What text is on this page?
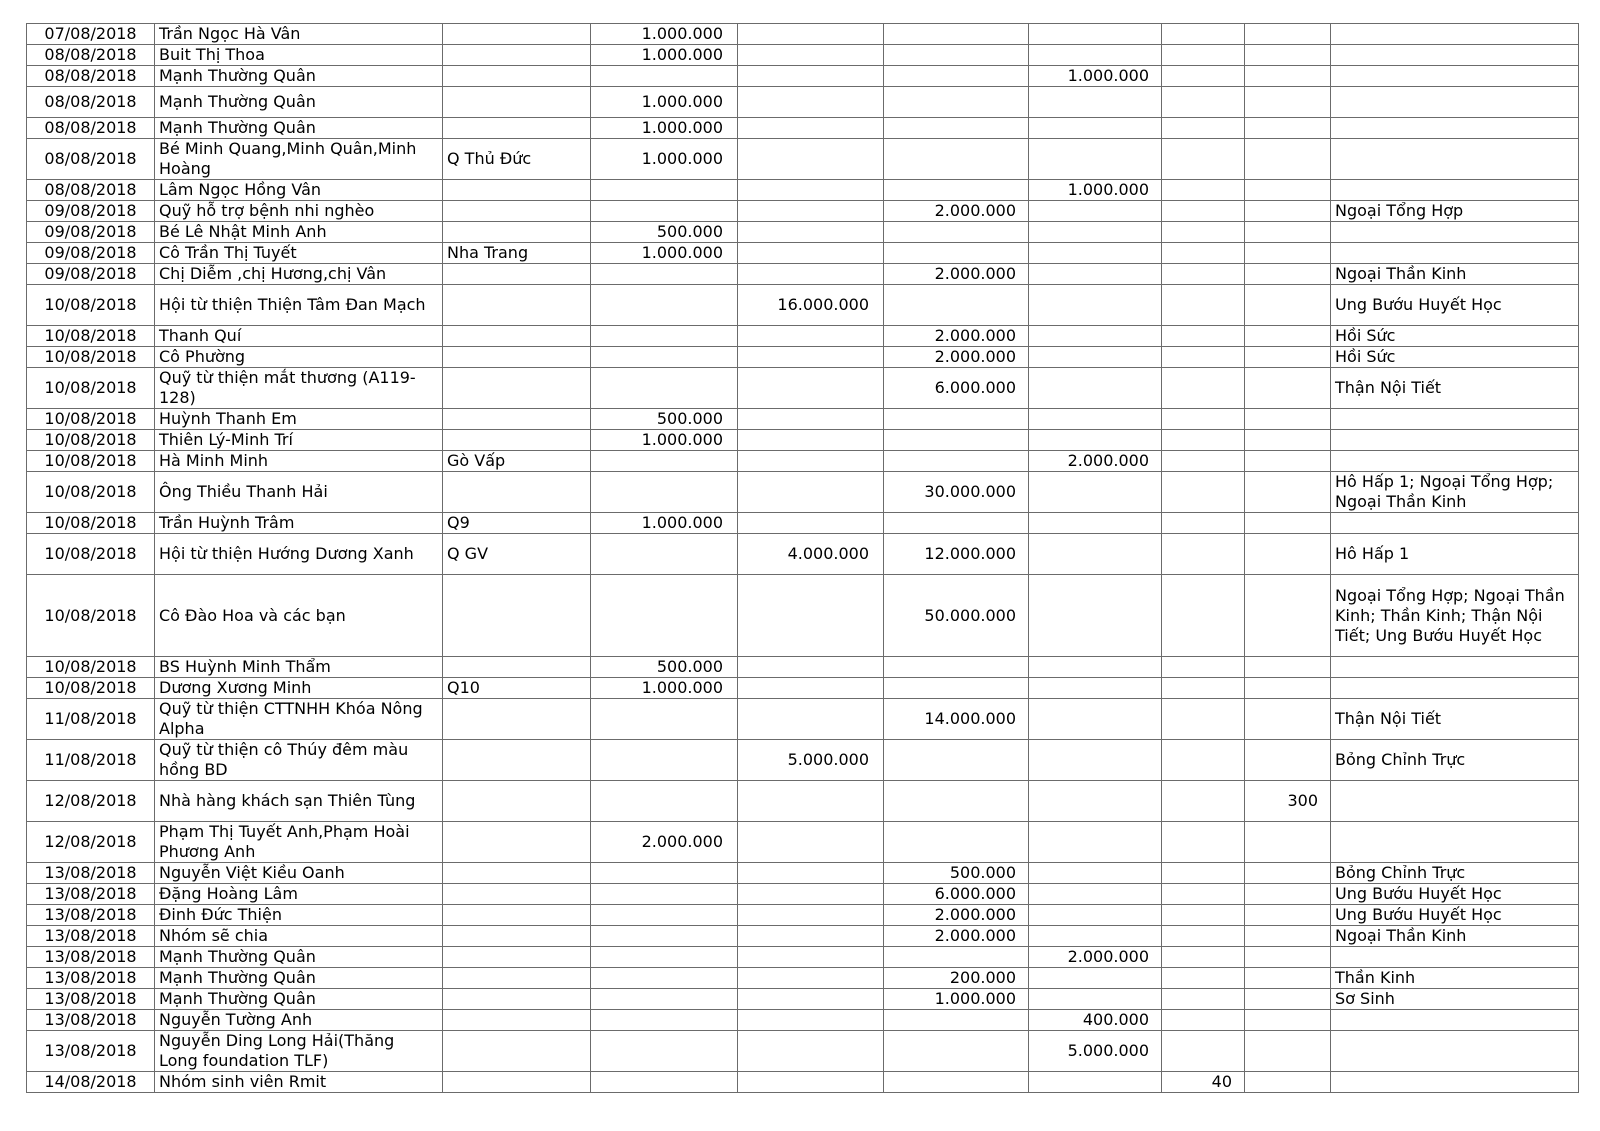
07/08/2018	Trần Ngọc Hà Vân		1.000.000						
08/08/2018	Buit Thị Thoa		1.000.000						
08/08/2018	Mạnh Thường Quân					1.000.000			
08/08/2018	Mạnh Thường Quân		1.000.000						
08/08/2018	Mạnh Thường Quân		1.000.000						
08/08/2018	Bé Minh Quang,Minh Quân,Minh Hoàng	Q Thủ Đức	1.000.000						
08/08/2018	Lâm Ngọc Hồng Vân					1.000.000			
09/08/2018	Quỹ hỗ trợ bệnh nhi nghèo				2.000.000				Ngoại Tổng Hợp
09/08/2018	Bé Lê Nhật Minh Anh		500.000						
09/08/2018	Cô Trần Thị Tuyết	Nha Trang	1.000.000						
09/08/2018	Chị Diễm ,chị Hương,chị Vân				2.000.000				Ngoại Thần Kinh
10/08/2018	Hội từ thiện Thiện Tâm Đan Mạch			16.000.000					Ung Bướu Huyết Học
10/08/2018	Thanh Quí				2.000.000				Hồi Sức
10/08/2018	Cô Phường				2.000.000				Hồi Sức
10/08/2018	Quỹ từ thiện mắt thương (A119-128)				6.000.000				Thận Nội Tiết
10/08/2018	Huỳnh Thanh Em		500.000						
10/08/2018	Thiên Lý-Minh Trí		1.000.000						
10/08/2018	Hà Minh Minh	Gò Vấp				2.000.000			
10/08/2018	Ông Thiều Thanh Hải				30.000.000				Hô Hấp 1; Ngoại Tổng Hợp; Ngoại Thần Kinh
10/08/2018	Trần Huỳnh Trâm	Q9	1.000.000						
10/08/2018	Hội từ thiện Hướng Dương Xanh	Q GV		4.000.000	12.000.000				Hô Hấp 1
10/08/2018	Cô Đào Hoa và các bạn				50.000.000				Ngoại Tổng Hợp; Ngoại Thần Kinh; Thần Kinh; Thận Nội Tiết; Ung Bướu Huyết Học
10/08/2018	BS Huỳnh Minh Thẩm		500.000						
10/08/2018	Dương Xương Minh	Q10	1.000.000						
11/08/2018	Quỹ từ thiện CTTNHH Khóa Nông Alpha				14.000.000				Thận Nội Tiết
11/08/2018	Quỹ từ thiện cô Thúy đêm màu hồng BD			5.000.000					Bỏng Chỉnh Trực
12/08/2018	Nhà hàng khách sạn Thiên Tùng							300	
12/08/2018	Phạm Thị Tuyết Anh,Phạm Hoài Phương Anh		2.000.000						
13/08/2018	Nguyễn Việt Kiều Oanh				500.000				Bỏng Chỉnh Trực
13/08/2018	Đặng Hoàng Lâm				6.000.000				Ung Bướu Huyết Học
13/08/2018	Đinh Đức Thiện				2.000.000				Ung Bướu Huyết Học
13/08/2018	Nhóm sẽ chia				2.000.000				Ngoại Thần Kinh
13/08/2018	Mạnh Thường Quân					2.000.000			
13/08/2018	Mạnh Thường Quân				200.000				Thần Kinh
13/08/2018	Mạnh Thường Quân				1.000.000				Sơ Sinh
13/08/2018	Nguyễn Tường Anh					400.000			
13/08/2018	Nguyễn Ding Long Hải(Thăng Long foundation TLF)					5.000.000			
14/08/2018	Nhóm sinh viên Rmit						40		
